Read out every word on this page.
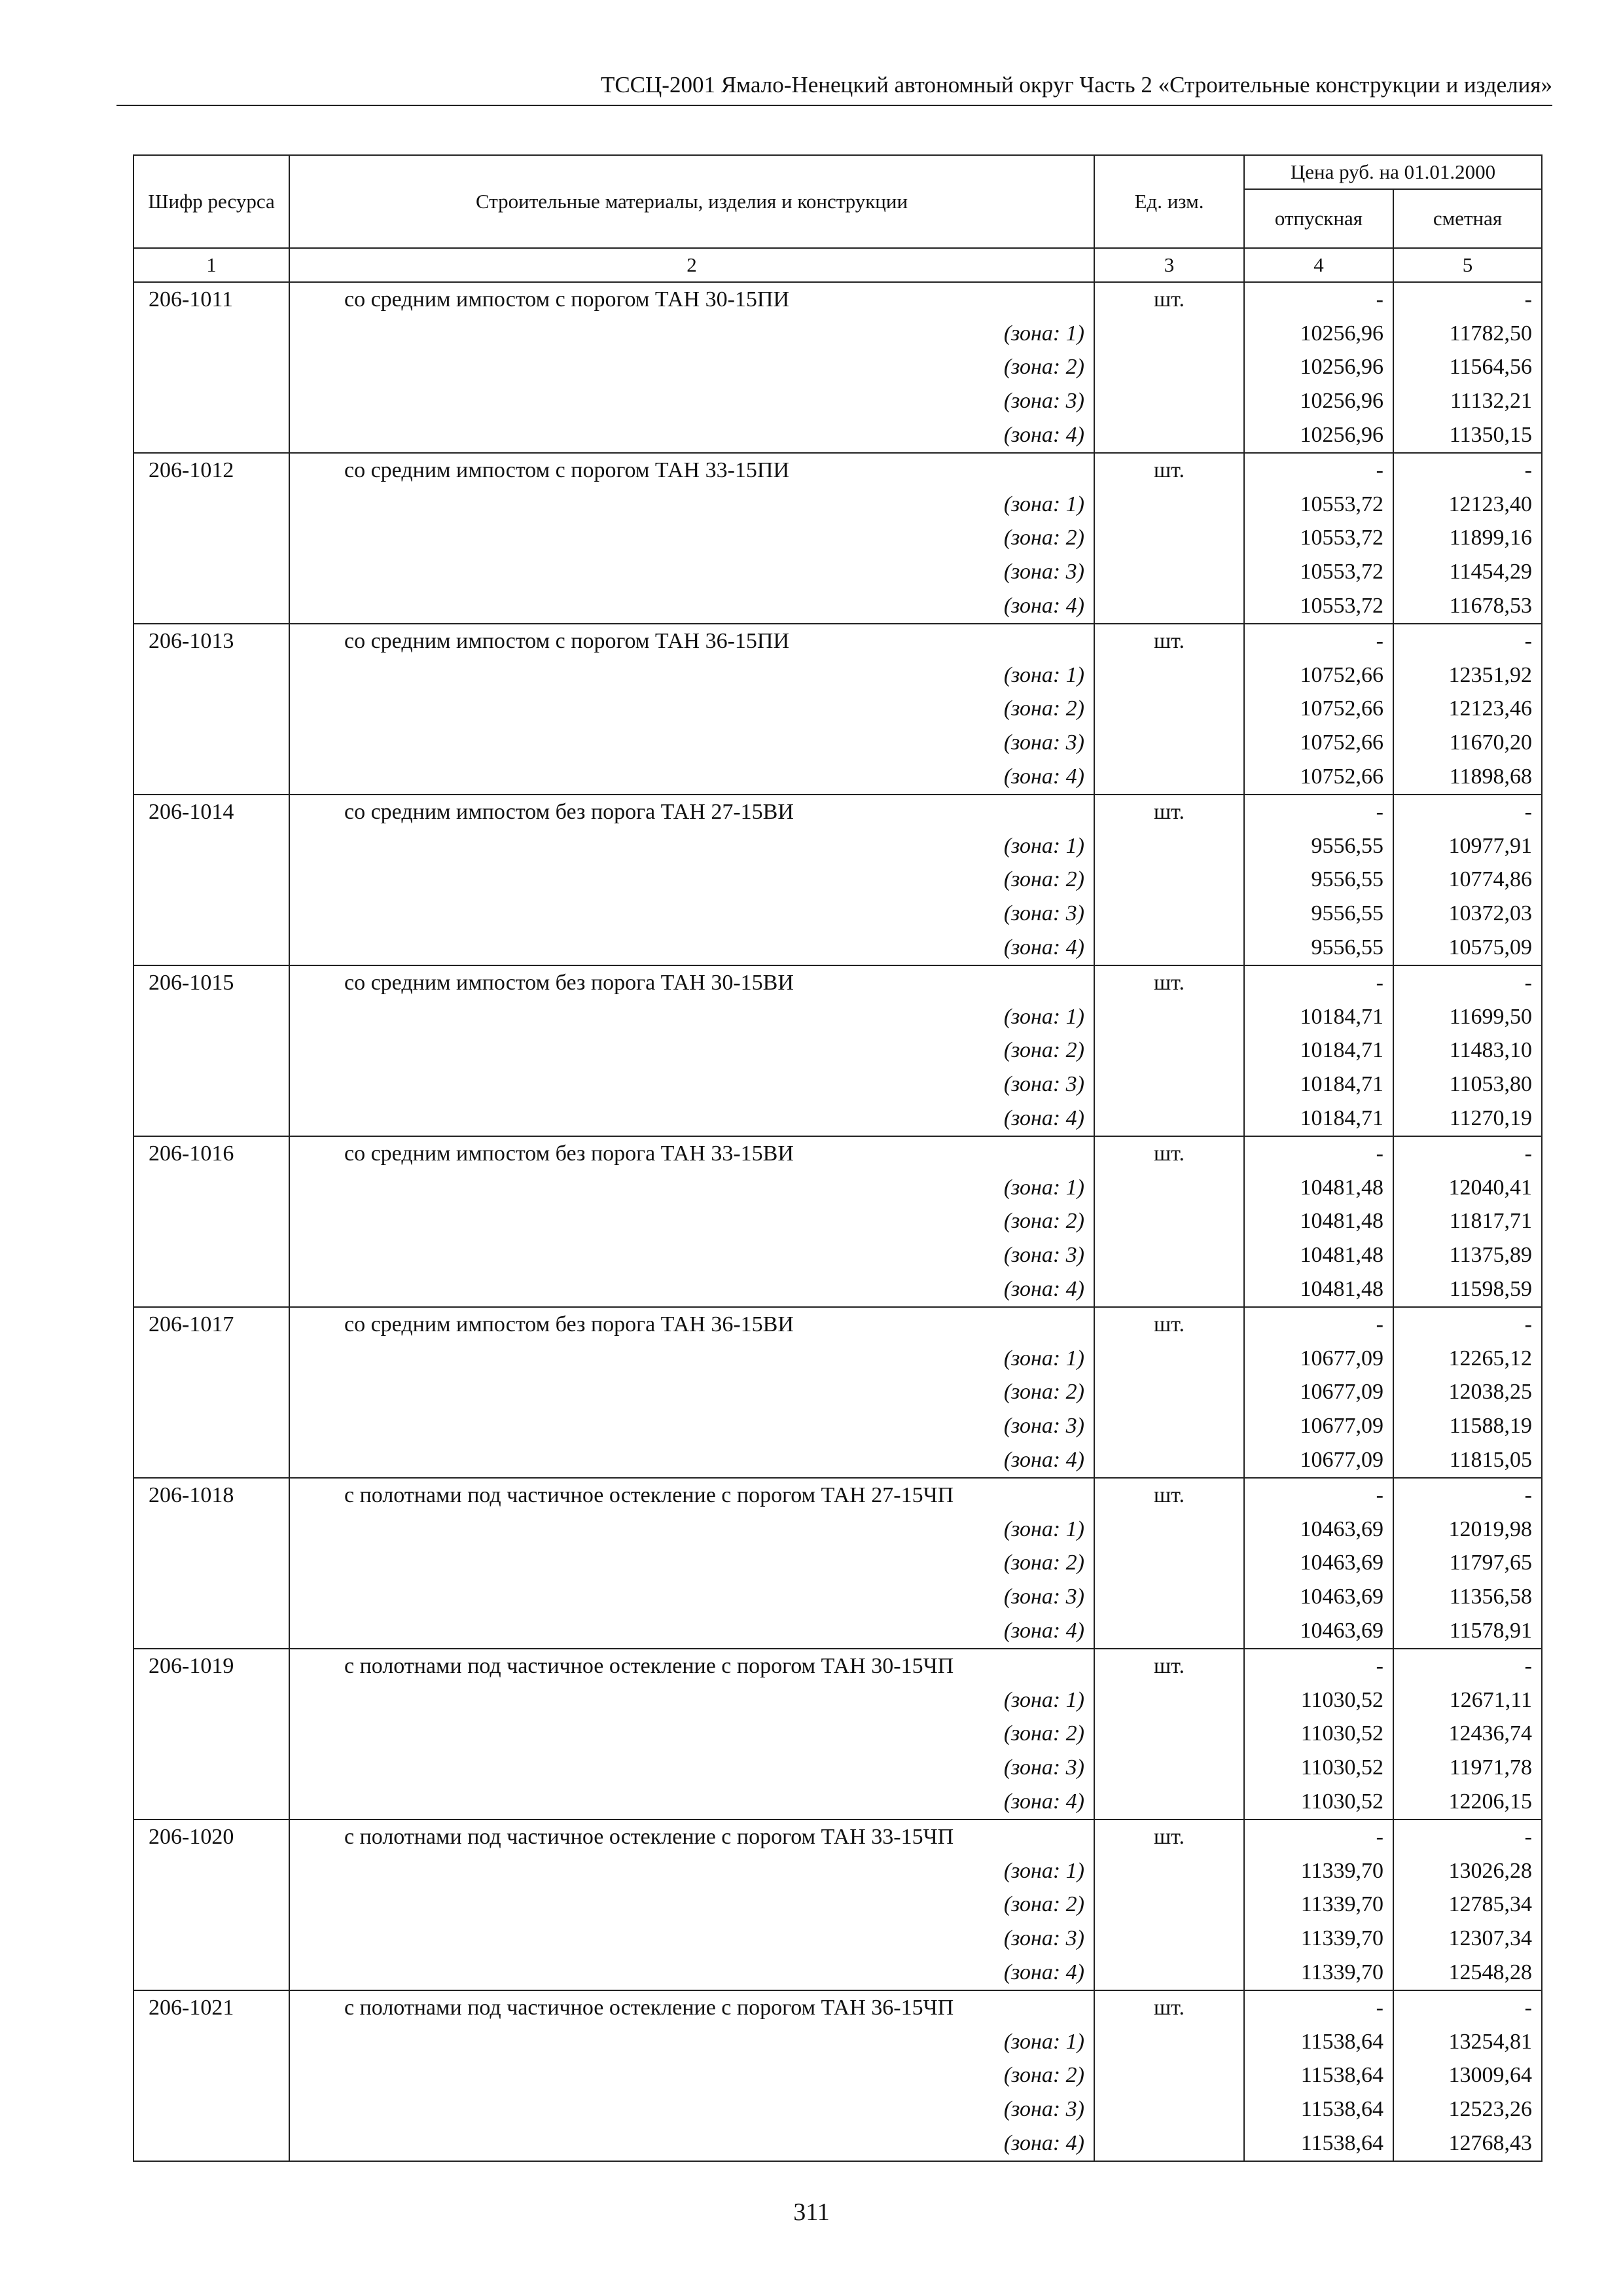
ТССЦ-2001 Ямало-Ненецкий автономный округ Часть 2 «Строительные конструкции и изделия»
Шифр ресурса	Строительные материалы, изделия и конструкции	Ед. изм.	Цена руб. на 01.01.2000	
			отпускная	сметная
1	2	3	4	5
206-1011	со средним импостом с порогом ТАН 30-15ПИ	шт.	-	-
	(зона: 1)		10256,96	11782,50
	(зона: 2)		10256,96	11564,56
	(зона: 3)		10256,96	11132,21
	(зона: 4)		10256,96	11350,15
206-1012	со средним импостом с порогом ТАН 33-15ПИ	шт.	-	-
	(зона: 1)		10553,72	12123,40
	(зона: 2)		10553,72	11899,16
	(зона: 3)		10553,72	11454,29
	(зона: 4)		10553,72	11678,53
206-1013	со средним импостом с порогом ТАН 36-15ПИ	шт.	-	-
	(зона: 1)		10752,66	12351,92
	(зона: 2)		10752,66	12123,46
	(зона: 3)		10752,66	11670,20
	(зона: 4)		10752,66	11898,68
206-1014	со средним импостом без порога ТАН 27-15ВИ	шт.	-	-
	(зона: 1)		9556,55	10977,91
	(зона: 2)		9556,55	10774,86
	(зона: 3)		9556,55	10372,03
	(зона: 4)		9556,55	10575,09
206-1015	со средним импостом без порога ТАН 30-15ВИ	шт.	-	-
	(зона: 1)		10184,71	11699,50
	(зона: 2)		10184,71	11483,10
	(зона: 3)		10184,71	11053,80
	(зона: 4)		10184,71	11270,19
206-1016	со средним импостом без порога ТАН 33-15ВИ	шт.	-	-
	(зона: 1)		10481,48	12040,41
	(зона: 2)		10481,48	11817,71
	(зона: 3)		10481,48	11375,89
	(зона: 4)		10481,48	11598,59
206-1017	со средним импостом без порога ТАН 36-15ВИ	шт.	-	-
	(зона: 1)		10677,09	12265,12
	(зона: 2)		10677,09	12038,25
	(зона: 3)		10677,09	11588,19
	(зона: 4)		10677,09	11815,05
206-1018	с полотнами под частичное остекление с порогом ТАН 27-15ЧП	шт.	-	-
	(зона: 1)		10463,69	12019,98
	(зона: 2)		10463,69	11797,65
	(зона: 3)		10463,69	11356,58
	(зона: 4)		10463,69	11578,91
206-1019	с полотнами под частичное остекление с порогом ТАН 30-15ЧП	шт.	-	-
	(зона: 1)		11030,52	12671,11
	(зона: 2)		11030,52	12436,74
	(зона: 3)		11030,52	11971,78
	(зона: 4)		11030,52	12206,15
206-1020	с полотнами под частичное остекление с порогом ТАН 33-15ЧП	шт.	-	-
	(зона: 1)		11339,70	13026,28
	(зона: 2)		11339,70	12785,34
	(зона: 3)		11339,70	12307,34
	(зона: 4)		11339,70	12548,28
206-1021	с полотнами под частичное остекление с порогом ТАН 36-15ЧП	шт.	-	-
	(зона: 1)		11538,64	13254,81
	(зона: 2)		11538,64	13009,64
	(зона: 3)		11538,64	12523,26
	(зона: 4)		11538,64	12768,43
311
